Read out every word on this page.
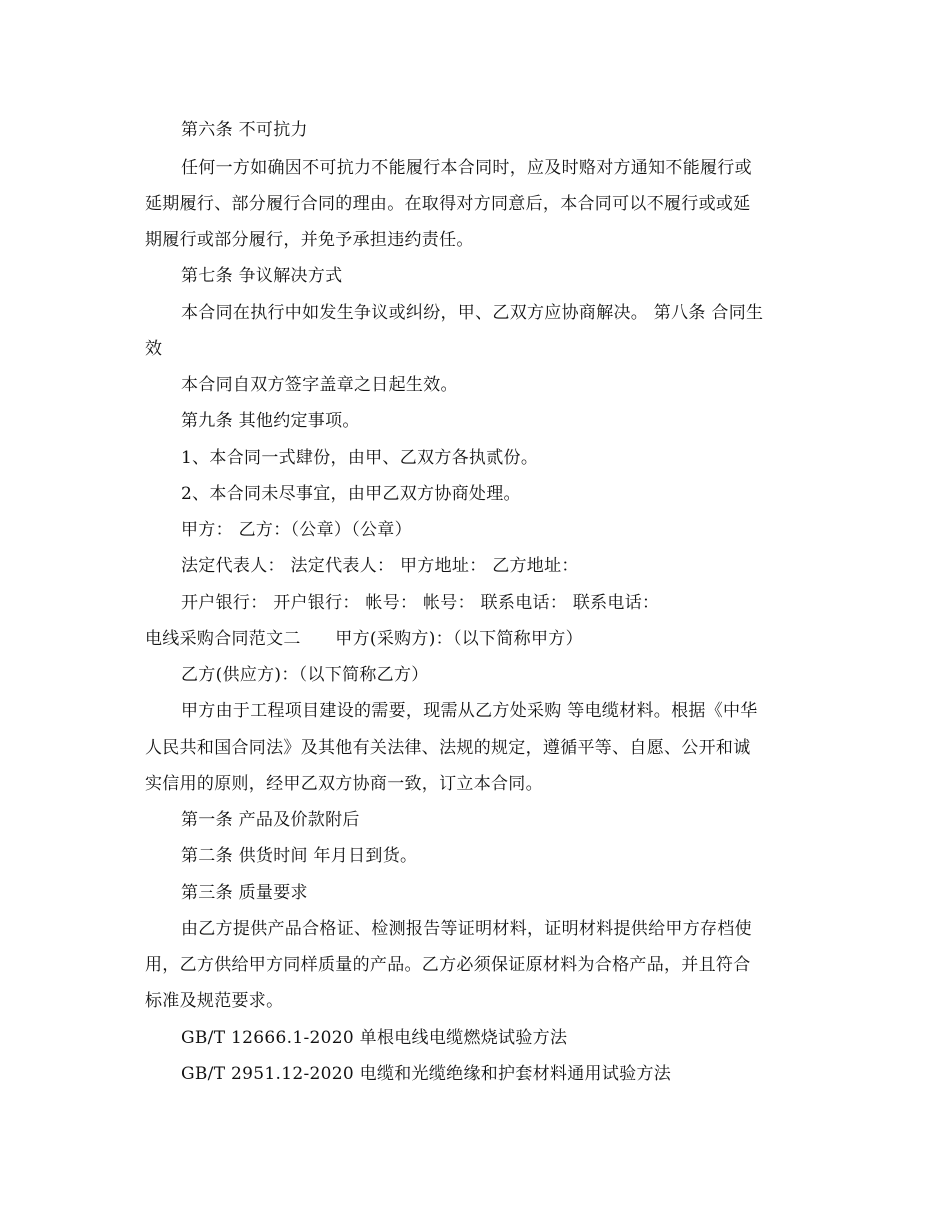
第六条 不可抗力

任何一方如确因不可抗力不能履行本合同时，应及时赂对方通知不能履行或

延期履行、部分履行合同的理由。在取得对方同意后，本合同可以不履行或或延

期履行或部分履行，并免予承担违约责任。

第七条 争议解决方式

本合同在执行中如发生争议或纠纷，甲、乙双方应协商解决。 第八条 合同生

效

本合同自双方签字盖章之日起生效。

第九条 其他约定事项。

1、本合同一式肆份，由甲、乙双方各执贰份。

2、本合同未尽事宜，由甲乙双方协商处理。

甲方： 乙方：（公章）（公章）

法定代表人： 法定代表人： 甲方地址： 乙方地址：

开户银行： 开户银行： 帐号： 帐号： 联系电话： 联系电话：

电线采购合同范文二　　甲方(采购方)：（以下简称甲方）

乙方(供应方)：（以下简称乙方）

甲方由于工程项目建设的需要，现需从乙方处采购 等电缆材料。根据《中华

人民共和国合同法》及其他有关法律、法规的规定，遵循平等、自愿、公开和诚

实信用的原则，经甲乙双方协商一致，订立本合同。

第一条 产品及价款附后

第二条 供货时间 年月日到货。

第三条 质量要求

由乙方提供产品合格证、检测报告等证明材料，证明材料提供给甲方存档使

用，乙方供给甲方同样质量的产品。乙方必须保证原材料为合格产品，并且符合

标准及规范要求。

GB/T 12666.1-2020 单根电线电缆燃烧试验方法

GB/T 2951.12-2020 电缆和光缆绝缘和护套材料通用试验方法
